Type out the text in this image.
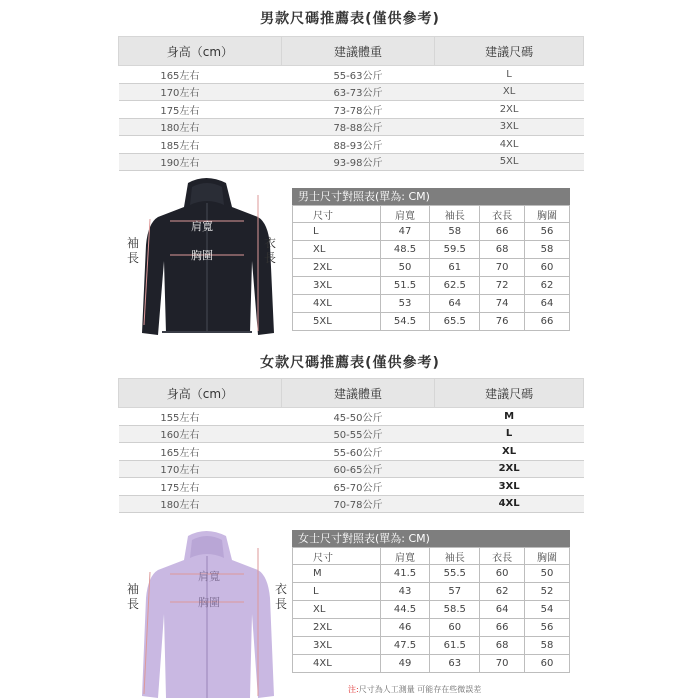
男款尺碼推薦表(僅供參考)
身高（cm）	建議體重	建議尺碼
165左右	55-63公斤	L
170左右	63-73公斤	XL
175左右	73-78公斤	2XL
180左右	78-88公斤	3XL
185左右	88-93公斤	4XL
190左右	93-98公斤	5XL
肩寬
胸圍
袖
長
衣
長
男士尺寸對照表(單為: CM)
尺寸	肩寬	袖長	衣長	胸圍
L	47	58	66	56
XL	48.5	59.5	68	58
2XL	50	61	70	60
3XL	51.5	62.5	72	62
4XL	53	64	74	64
5XL	54.5	65.5	76	66
女款尺碼推薦表(僅供參考)
身高（cm）	建議體重	建議尺碼
155左右	45-50公斤	M
160左右	50-55公斤	L
165左右	55-60公斤	XL
170左右	60-65公斤	2XL
175左右	65-70公斤	3XL
180左右	70-78公斤	4XL
肩寬
胸圍
袖
長
衣
長
女士尺寸對照表(單為: CM)
尺寸	肩寬	袖長	衣長	胸圍
M	41.5	55.5	60	50
L	43	57	62	52
XL	44.5	58.5	64	54
2XL	46	60	66	56
3XL	47.5	61.5	68	58
4XL	49	63	70	60
注:尺寸為人工測量 可能存在些微誤差
